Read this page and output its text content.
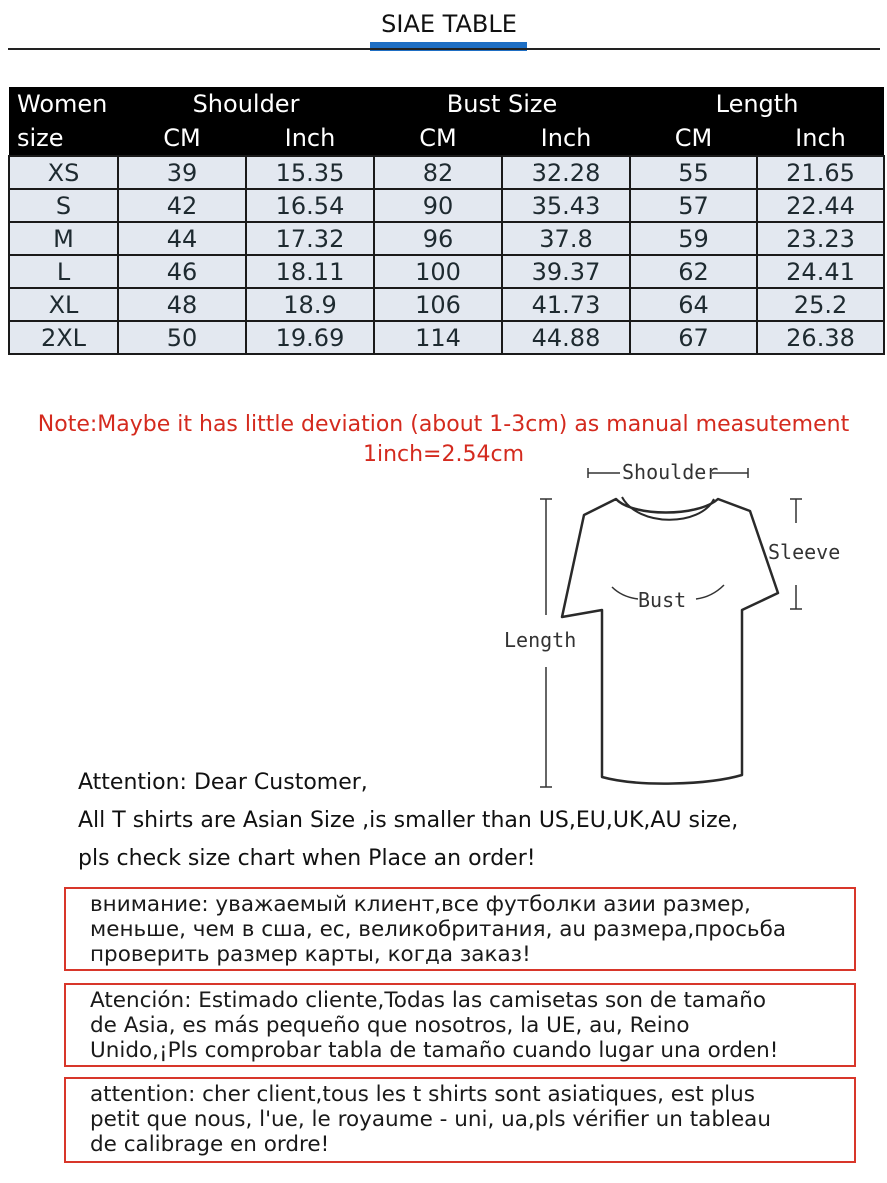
SIAE TABLE
Women	Shoulder		Bust Size		Length	
size	CM	Inch	CM	Inch	CM	Inch
XS	39	15.35	82	32.28	55	21.65
S	42	16.54	90	35.43	57	22.44
M	44	17.32	96	37.8	59	23.23
L	46	18.11	100	39.37	62	24.41
XL	48	18.9	106	41.73	64	25.2
2XL	50	19.69	114	44.88	67	26.38
Note:Maybe it has little deviation (about 1-3cm) as manual measutement
1inch=2.54cm
Shoulder
Bust
Sleeve
Length
Attention: Dear Customer,
All T shirts are Asian Size ,is smaller than US,EU,UK,AU size,
pls check size chart when Place an order!
внимание: уважаемый клиент,все футболки азии размер,
меньше, чем в сша, ес, великобритания, au размера,просьба
проверить размер карты, когда заказ!
Atención: Estimado cliente,Todas las camisetas son de tamaño
de Asia, es más pequeño que nosotros, la UE, au, Reino
Unido,¡Pls comprobar tabla de tamaño cuando lugar una orden!
attention: cher client,tous les t shirts sont asiatiques, est plus
petit que nous, l'ue, le royaume - uni, ua,pls vérifier un tableau
de calibrage en ordre!
